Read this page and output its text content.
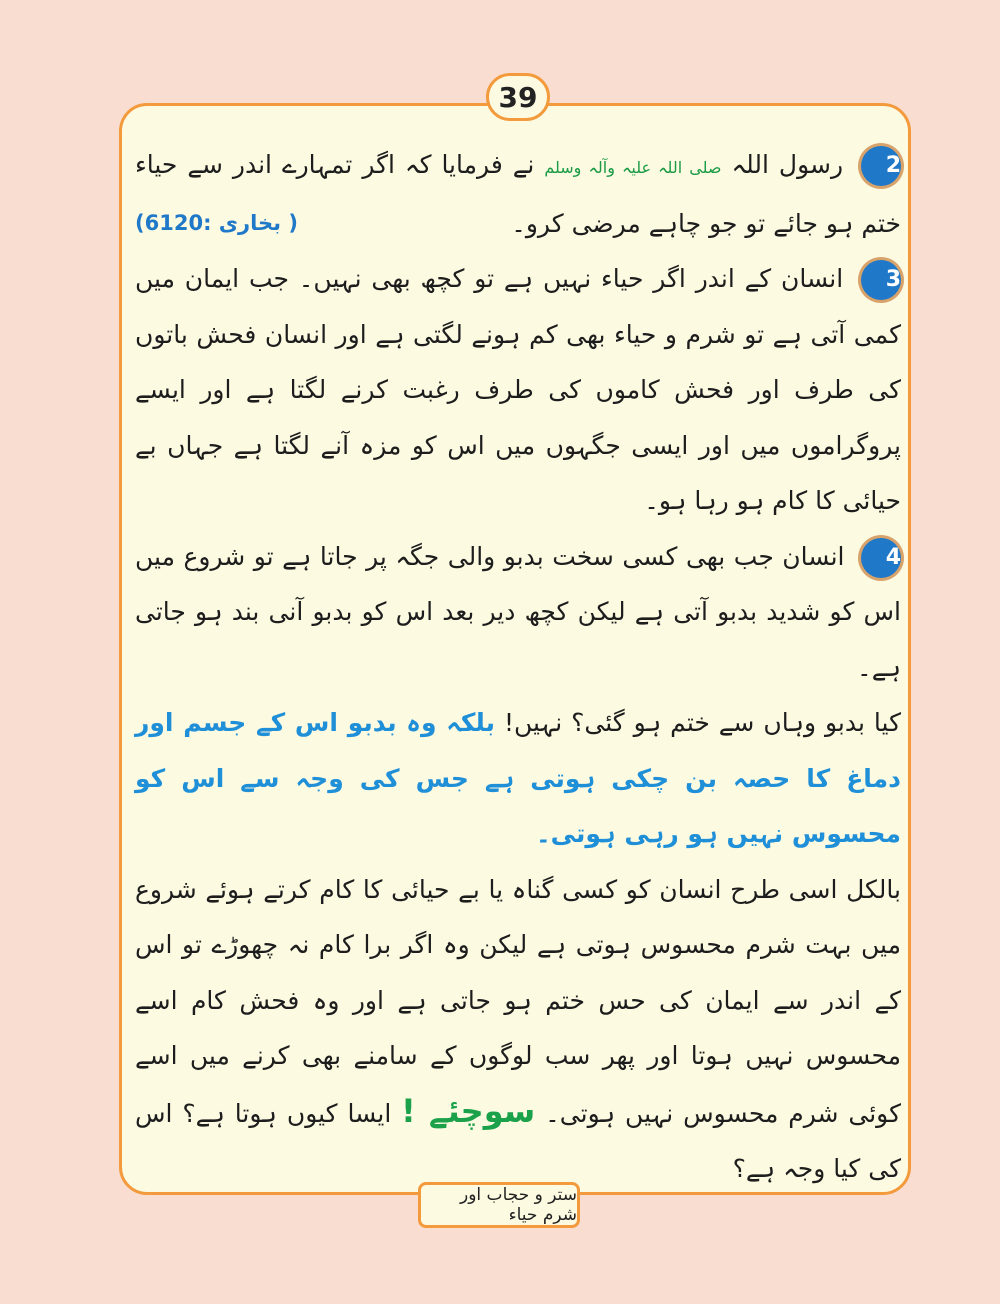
39

2 رسول اللہ صلی اللہ علیہ وآلہ وسلم نے فرمایا کہ اگر تمہارے اندر سے حیاء ختم ہو جائے تو جو چاہے مرضی کرو۔
( بخاری :6120)

3 انسان کے اندر اگر حیاء نہیں ہے تو کچھ بھی نہیں۔ جب ایمان میں کمی آتی ہے تو شرم و حیاء بھی کم ہونے لگتی ہے اور انسان فحش باتوں کی طرف اور فحش کاموں کی طرف رغبت کرنے لگتا ہے اور ایسے پروگراموں میں اور ایسی جگہوں میں اس کو مزہ آنے لگتا ہے جہاں بے حیائی کا کام ہو رہا ہو۔

4 انسان جب بھی کسی سخت بدبو والی جگہ پر جاتا ہے تو شروع میں اس کو شدید بدبو آتی ہے لیکن کچھ دیر بعد اس کو بدبو آنی بند ہو جاتی ہے۔

کیا بدبو وہاں سے ختم ہو گئی؟ نہیں! بلکہ وہ بدبو اس کے جسم اور دماغ کا حصہ بن چکی ہوتی ہے جس کی وجہ سے اس کو محسوس نہیں ہو رہی ہوتی۔

بالکل اسی طرح انسان کو کسی گناہ یا بے حیائی کا کام کرتے ہوئے شروع میں بہت شرم محسوس ہوتی ہے لیکن وہ اگر برا کام نہ چھوڑے تو اس کے اندر سے ایمان کی حس ختم ہو جاتی ہے اور وہ فحش کام اسے محسوس نہیں ہوتا اور پھر سب لوگوں کے سامنے بھی کرنے میں اسے کوئی شرم محسوس نہیں ہوتی۔ سوچئے ! ایسا کیوں ہوتا ہے؟ اس کی کیا وجہ ہے؟

ستر و حجاب اور شرم حیاء
